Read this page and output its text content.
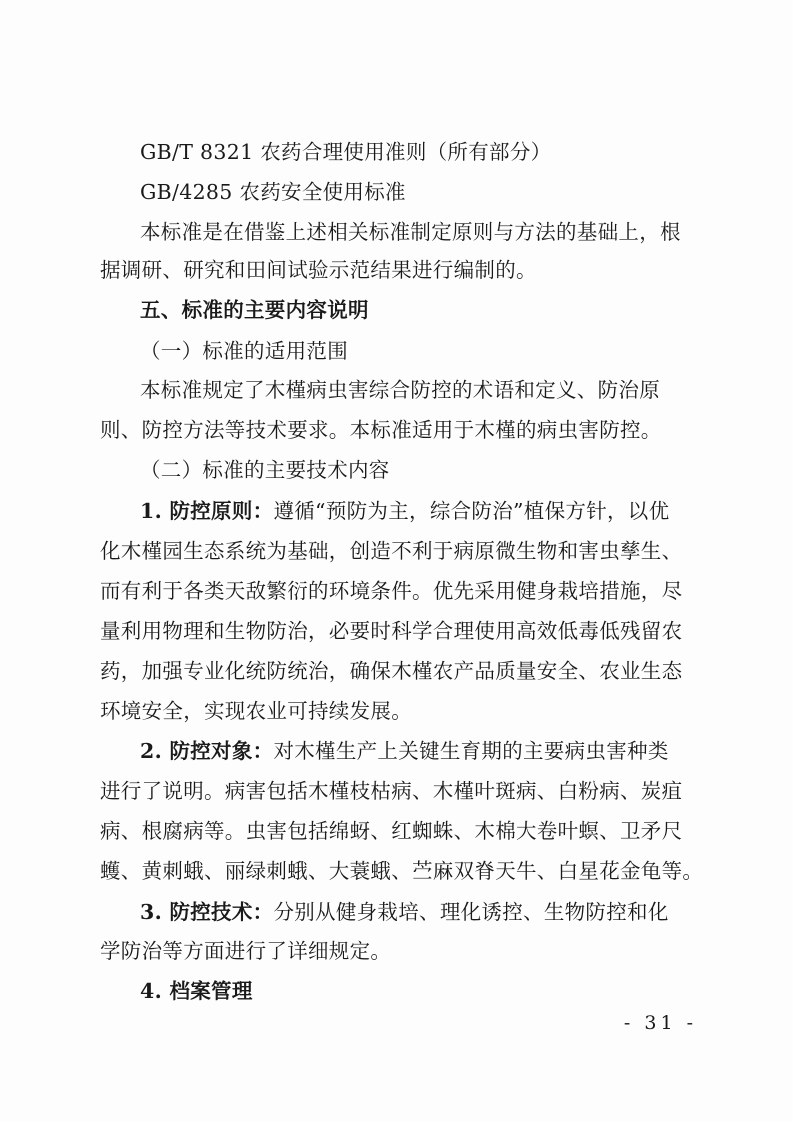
GB/T 8321 农药合理使用准则（所有部分）
GB/4285 农药安全使用标准
本标准是在借鉴上述相关标准制定原则与方法的基础上，根
据调研、研究和田间试验示范结果进行编制的。
五、标准的主要内容说明
（一）标准的适用范围
本标准规定了木槿病虫害综合防控的术语和定义、防治原
则、防控方法等技术要求。本标准适用于木槿的病虫害防控。
（二）标准的主要技术内容
1. 防控原则：遵循“预防为主，综合防治”植保方针，以优
化木槿园生态系统为基础，创造不利于病原微生物和害虫孳生、
而有利于各类天敌繁衍的环境条件。优先采用健身栽培措施，尽
量利用物理和生物防治，必要时科学合理使用高效低毒低残留农
药，加强专业化统防统治，确保木槿农产品质量安全、农业生态
环境安全，实现农业可持续发展。
2. 防控对象：对木槿生产上关键生育期的主要病虫害种类
进行了说明。病害包括木槿枝枯病、木槿叶斑病、白粉病、炭疽
病、根腐病等。虫害包括绵蚜、红蜘蛛、木棉大卷叶螟、卫矛尺
蠖、黄刺蛾、丽绿刺蛾、大蓑蛾、苎麻双脊天牛、白星花金龟等。
3. 防控技术：分别从健身栽培、理化诱控、生物防控和化
学防治等方面进行了详细规定。
4. 档案管理
- 31 -
